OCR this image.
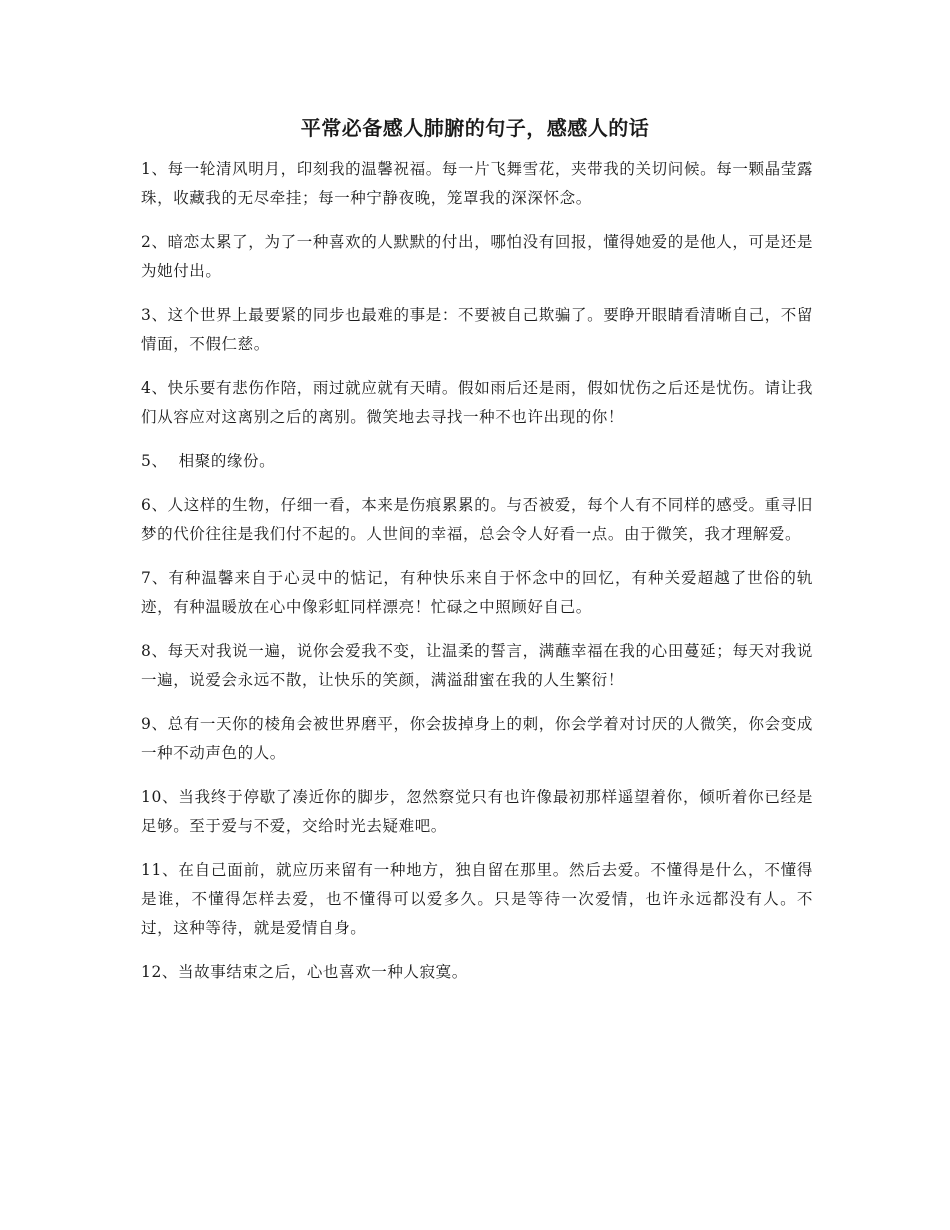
平常必备感人肺腑的句子，感感人的话

1、每一轮清风明月，印刻我的温馨祝福。每一片飞舞雪花，夹带我的关切问候。每一颗晶莹露珠，收藏我的无尽牵挂；每一种宁静夜晚，笼罩我的深深怀念。

2、暗恋太累了，为了一种喜欢的人默默的付出，哪怕没有回报，懂得她爱的是他人，可是还是为她付出。

3、这个世界上最要紧的同步也最难的事是：不要被自己欺骗了。要睁开眼睛看清晰自己，不留情面，不假仁慈。

4、快乐要有悲伤作陪，雨过就应就有天晴。假如雨后还是雨，假如忧伤之后还是忧伤。请让我们从容应对这离别之后的离别。微笑地去寻找一种不也许出现的你！

5、  相聚的缘份。

6、人这样的生物，仔细一看，本来是伤痕累累的。与否被爱，每个人有不同样的感受。重寻旧梦的代价往往是我们付不起的。人世间的幸福，总会令人好看一点。由于微笑，我才理解爱。

7、有种温馨来自于心灵中的惦记，有种快乐来自于怀念中的回忆，有种关爱超越了世俗的轨迹，有种温暖放在心中像彩虹同样漂亮！忙碌之中照顾好自己。

8、每天对我说一遍，说你会爱我不变，让温柔的誓言，满蘸幸福在我的心田蔓延；每天对我说一遍，说爱会永远不散，让快乐的笑颜，满溢甜蜜在我的人生繁衍！

9、总有一天你的棱角会被世界磨平，你会拔掉身上的刺，你会学着对讨厌的人微笑，你会变成一种不动声色的人。

10、当我终于停歇了凑近你的脚步，忽然察觉只有也许像最初那样遥望着你，倾听着你已经是足够。至于爱与不爱，交给时光去疑难吧。

11、在自己面前，就应历来留有一种地方，独自留在那里。然后去爱。不懂得是什么，不懂得是谁，不懂得怎样去爱，也不懂得可以爱多久。只是等待一次爱情，也许永远都没有人。不过，这种等待，就是爱情自身。

12、当故事结束之后，心也喜欢一种人寂寞。
